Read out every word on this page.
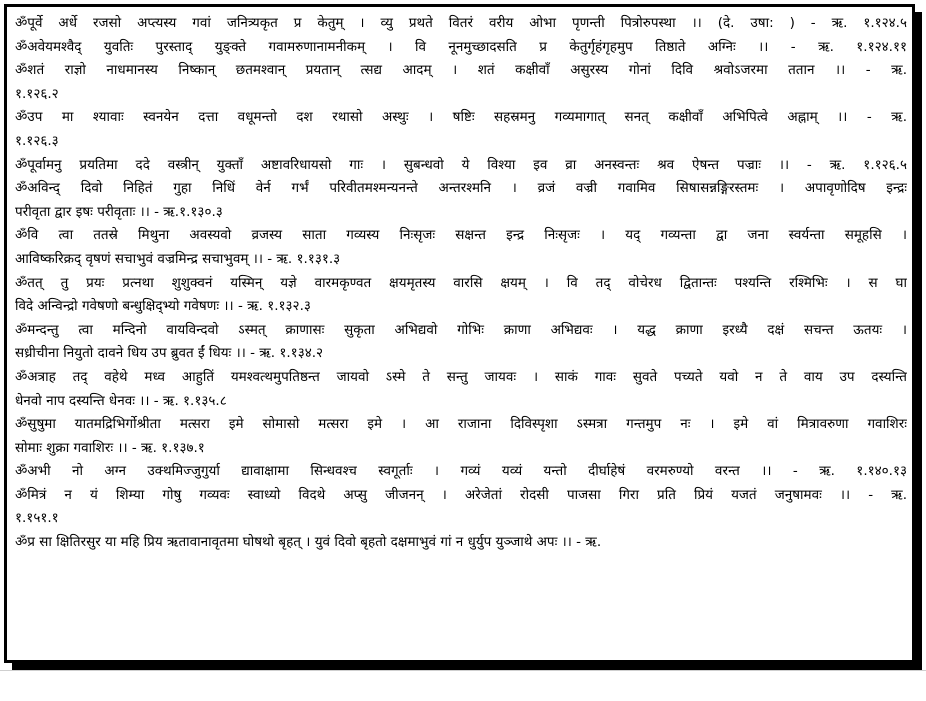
ॐपूर्वे अर्धे रजसो अप्त्यस्य गवां जनित्र्यकृत प्र केतुम् । व्यु प्रथते वितरं वरीय ओभा पृणन्ती पित्रोरुपस्था ।। (दे. उषा: ) - ऋ. १.१२४.५
ॐअवेयमश्वैद् युवतिः पुरस्ताद् युङ्क्ते गवामरुणानामनीकम् । वि नूनमुच्छादसति प्र केतुर्गृहंगृहमुप तिष्ठाते अग्निः ।। - ऋ. १.१२४.११
ॐशतं राज्ञो नाधमानस्य निष्कान् छतमश्वान् प्रयतान् त्सद्य आदम् । शतं कक्षीवाँ असुरस्य गोनां दिवि श्रवोऽजरमा ततान ।। - ऋ.
१.१२६.२
ॐउप मा श्यावाः स्वनयेन दत्ता वधूमन्तो दश रथासो अस्थुः । षष्टिः सहस्रमनु गव्यमागात् सनत् कक्षीवाँ अभिपित्वे अह्नाम् ।। - ऋ.
१.१२६.३
ॐपूर्वामनु प्रयतिमा ददे वस्त्रीन् युक्ताँ अष्टावरिधायसो गाः । सुबन्धवो ये विश्या इव व्रा अनस्वन्तः श्रव ऐषन्त पज्राः ।। - ऋ. १.१२६.५
ॐअविन्द् दिवो निहितं गुहा निधिं वेर्न गर्भं परिवीतमश्मन्यनन्ते अन्तरश्मनि । व्रजं वज्री गवामिव सिषासन्नङ्गिरस्तमः । अपावृणोदिष इन्द्रः
परीवृता द्वार इषः परीवृताः ।। - ऋ.१.१३०.३
ॐवि त्वा ततस्रे मिथुना अवस्यवो व्रजस्य साता गव्यस्य निःसृजः सक्षन्त इन्द्र निःसृजः । यद् गव्यन्ता द्वा जना स्वर्यन्ता समूहसि ।
आविष्करिक्रद् वृषणं सचाभुवं वज्रमिन्द्र सचाभुवम् ।। - ऋ. १.१३१.३
ॐतत् तु प्रयः प्रत्नथा शुशुक्वनं यस्मिन् यज्ञे वारमकृण्वत क्षयमृतस्य वारसि क्षयम् । वि तद् वोचेरध द्वितान्तः पश्यन्ति रश्मिभिः । स घा
विदे अन्विन्द्रो गवेषणो बन्धुक्षिद्भ्यो गवेषणः ।। - ऋ. १.१३२.३
ॐमन्दन्तु त्वा मन्दिनो वायविन्दवो ऽस्मत् क्राणासः सुकृता अभिद्यवो गोभिः क्राणा अभिद्यवः । यद्ध क्राणा इरध्यै दक्षं सचन्त ऊतयः ।
सध्रीचीना नियुतो दावने धिय उप ब्रुवत ईं धियः ।। - ऋ. १.१३४.२
ॐअत्राह तद् वहेथे मध्व आहुतिं यमश्वत्थमुपतिष्ठन्त जायवो ऽस्मे ते सन्तु जायवः । साकं गावः सुवते पच्यते यवो न ते वाय उप दस्यन्ति
धेनवो नाप दस्यन्ति धेनवः ।। - ऋ. १.१३५.८
ॐसुषुमा यातमद्रिभिर्गोश्रीता मत्सरा इमे सोमासो मत्सरा इमे । आ राजाना दिविस्पृशा ऽस्मत्रा गन्तमुप नः । इमे वां मित्रावरुणा गवाशिरः
सोमाः शुक्रा गवाशिरः ।। - ऋ. १.१३७.१
ॐअभी नो अग्न उक्थमिज्जुगुर्या द्यावाक्षामा सिन्धवश्च स्वगूर्ताः । गव्यं यव्यं यन्तो दीर्घाहेषं वरमरुण्यो वरन्त ।। - ऋ. १.१४०.१३
ॐमित्रं न यं शिम्या गोषु गव्यवः स्वाध्यो विदथे अप्सु जीजनन् । अरेजेतां रोदसी पाजसा गिरा प्रति प्रियं यजतं जनुषामवः ।। - ऋ.
१.१५१.१
ॐप्र सा क्षितिरसुर या महि प्रिय ऋतावानावृतमा घोषथो बृहत् । युवं दिवो बृहतो दक्षमाभुवं गां न धुर्युप युञ्जाथे अपः ।। - ऋ.
